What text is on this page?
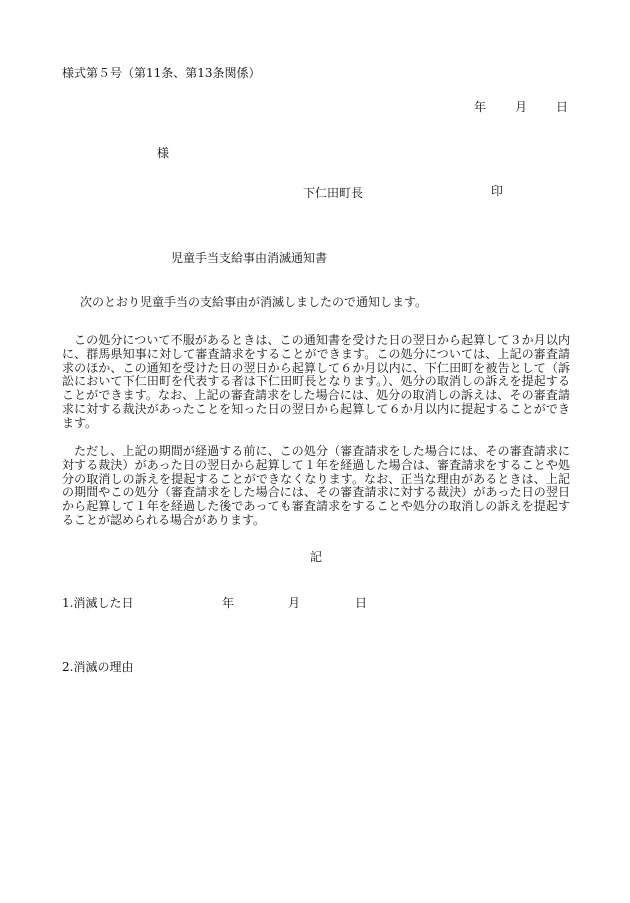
様式第５号（第11条、第13条関係）
年 月 日
様
下仁田町長	印
児童手当支給事由消滅通知書
次のとおり児童手当の支給事由が消滅しましたので通知します。

この処分について不服があるときは、この通知書を受けた日の翌日から起算して３か月以内に、群馬県知事に対して審査請求をすることができます。この処分については、上記の審査請求のほか、この通知を受けた日の翌日から起算して６か月以内に、下仁田町を被告として（訴訟において下仁田町を代表する者は下仁田町長となります。）、処分の取消しの訴えを提起することができます。なお、上記の審査請求をした場合には、処分の取消しの訴えは、その審査請求に対する裁決があったことを知った日の翌日から起算して６か月以内に提起することができます。

ただし、上記の期間が経過する前に、この処分（審査請求をした場合には、その審査請求に対する裁決）があった日の翌日から起算して１年を経過した場合は、審査請求をすることや処分の取消しの訴えを提起することができなくなります。なお、正当な理由があるときは、上記の期間やこの処分（審査請求をした場合には、その審査請求に対する裁決）があった日の翌日から起算して１年を経過した後であっても審査請求をすることや処分の取消しの訴えを提起することが認められる場合があります。

記
1.消滅した日	年	月	日
2.消滅の理由
